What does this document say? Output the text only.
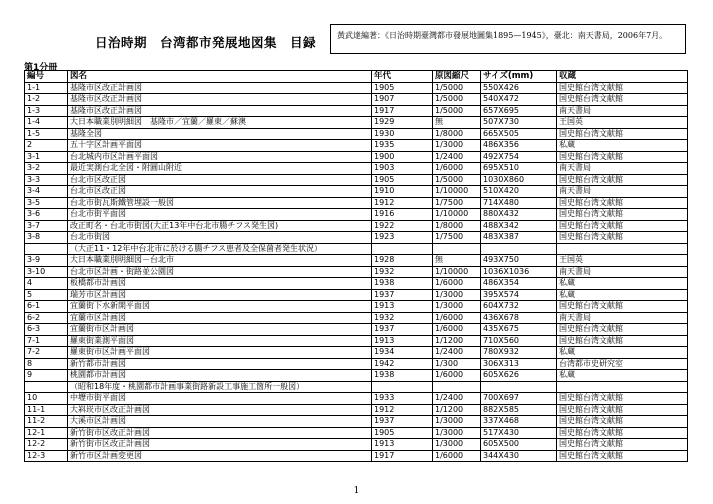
日治時期　台湾都市発展地図集　目録	黃武達編著：《日治時期臺灣都市發展地圖集1895—1945》，臺北：南天書局，2006年7月。
第1分冊
編号	図名	年代	原図縮尺	サイズ(mm)	収蔵
1-1	基隆市区改正計画図	1905	1/5000	550X426	国史館台湾文献館
1-2	基隆市区改正計画図	1907	1/5000	540X472	国史館台湾文献館
1-3	基隆市区改正計画図	1917	1/5000	657X695	南天書局
1-4	大日本職業別明細図　基隆市／宜蘭／羅東／蘇澳	1929	無	507X730	王国英
1-5	基隆全図	1930	1/8000	665X505	国史館台湾文献館
2	五十字区計画平面図	1935	1/3000	486X356	私蔵
3-1	台北城内市区計画平面図	1900	1/2400	492X754	国史館台湾文献館
3-2	最近実測台北全図・附圓山附近	1903	1/6000	695X510	南天書局
3-3	台北市区改正図	1905	1/5000	1030X860	国史館台湾文献館
3-4	台北市区改正図	1910	1/10000	510X420	南天書局
3-5	台北市街瓦斯鐵管埋設一般図	1912	1/7500	714X480	国史館台湾文献館
3-6	台北市街平面図	1916	1/10000	880X432	国史館台湾文献館
3-7	改正町名・台北市街図(大正13年中台北市腸チフス発生図)	1922	1/8000	488X342	国史館台湾文献館
3-8	台北市街図	1923	1/7500	483X387	国史館台湾文献館
	（大正11・12年中台北市に於ける腸チフス患者及全保菌者発生状況）				
3-9	大日本職業別明細図－台北市	1928	無	493X750	王国英
3-10	台北市区計画・街路並公園図	1932	1/10000	1036X1036	南天書局
4	板橋都市計画図	1938	1/6000	486X354	私蔵
5	瑞芳市区計画図	1937	1/3000	395X574	私蔵
6-1	宜蘭街下水新開平面図	1913	1/3000	604X732	国史館台湾文献館
6-2	宜蘭市区計画図	1932	1/6000	436X678	南天書局
6-3	宜蘭街市区計画図	1937	1/6000	435X675	国史館台湾文献館
7-1	羅東街業測平面図	1913	1/1200	710X560	国史館台湾文献館
7-2	羅東街市区計画平面図	1934	1/2400	780X932	私蔵
8	新竹都市計画図	1942	1/300	306X313	台湾都市史研究室
9	桃園都市計画図	1938	1/6000	605X626	私蔵
	（昭和18年度・桃園都市計画事業街路新設工事施工箇所一般図）				
10	中壢市街平面図	1933	1/2400	700X697	国史館台湾文献館
11-1	大嵙崁市区改正計画図	1912	1/1200	882X585	国史館台湾文献館
11-2	大溪市区計画図	1937	1/3000	337X468	国史館台湾文献館
12-1	新竹街市区改正計画図	1905	1/3000	517X430	国史館台湾文献館
12-2	新竹街市区改正計画図	1913	1/3000	605X500	国史館台湾文献館
12-3	新竹市区計画変更図	1917	1/6000	344X430	国史館台湾文献館
1
